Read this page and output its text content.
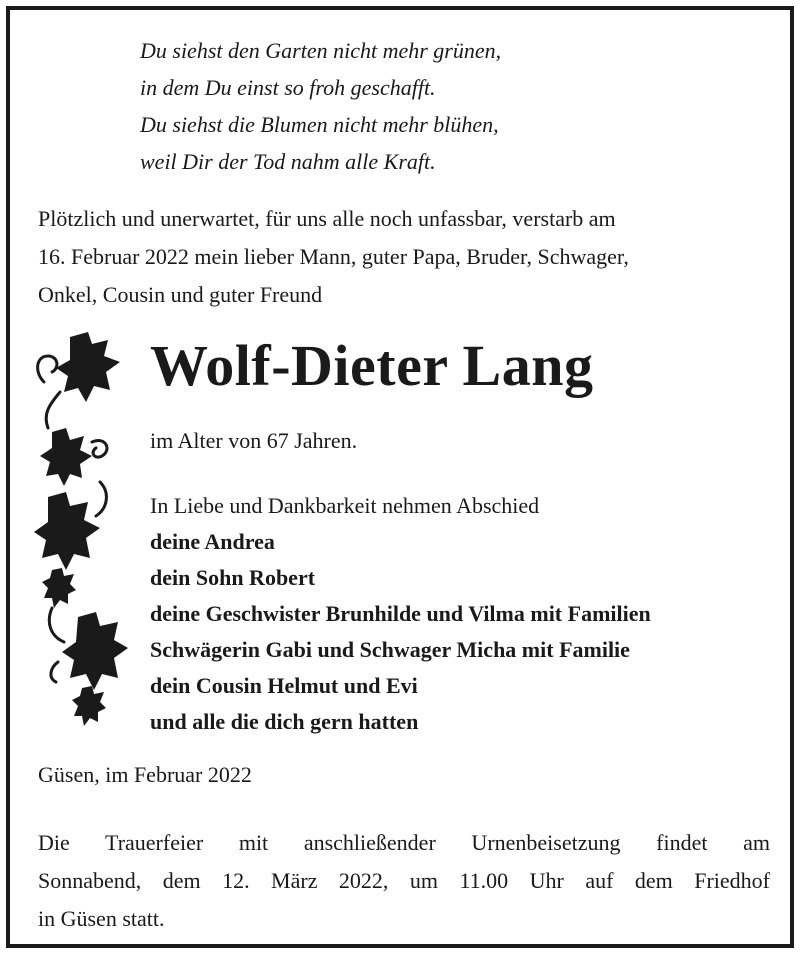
Du siehst den Garten nicht mehr grünen,
in dem Du einst so froh geschafft.
Du siehst die Blumen nicht mehr blühen,
weil Dir der Tod nahm alle Kraft.
Plötzlich und unerwartet, für uns alle noch unfassbar, verstarb am
16. Februar 2022 mein lieber Mann, guter Papa, Bruder, Schwager,
Onkel, Cousin und guter Freund
Wolf-Dieter Lang
im Alter von 67 Jahren.
In Liebe und Dankbarkeit nehmen Abschied
deine Andrea
dein Sohn Robert
deine Geschwister Brunhilde und Vilma mit Familien
Schwägerin Gabi und Schwager Micha mit Familie
dein Cousin Helmut und Evi
und alle die dich gern hatten
Güsen, im Februar 2022
Die Trauerfeier mit anschließender Urnenbeisetzung findet am
Sonnabend, dem 12. März 2022, um 11.00 Uhr auf dem Friedhof
in Güsen statt.
